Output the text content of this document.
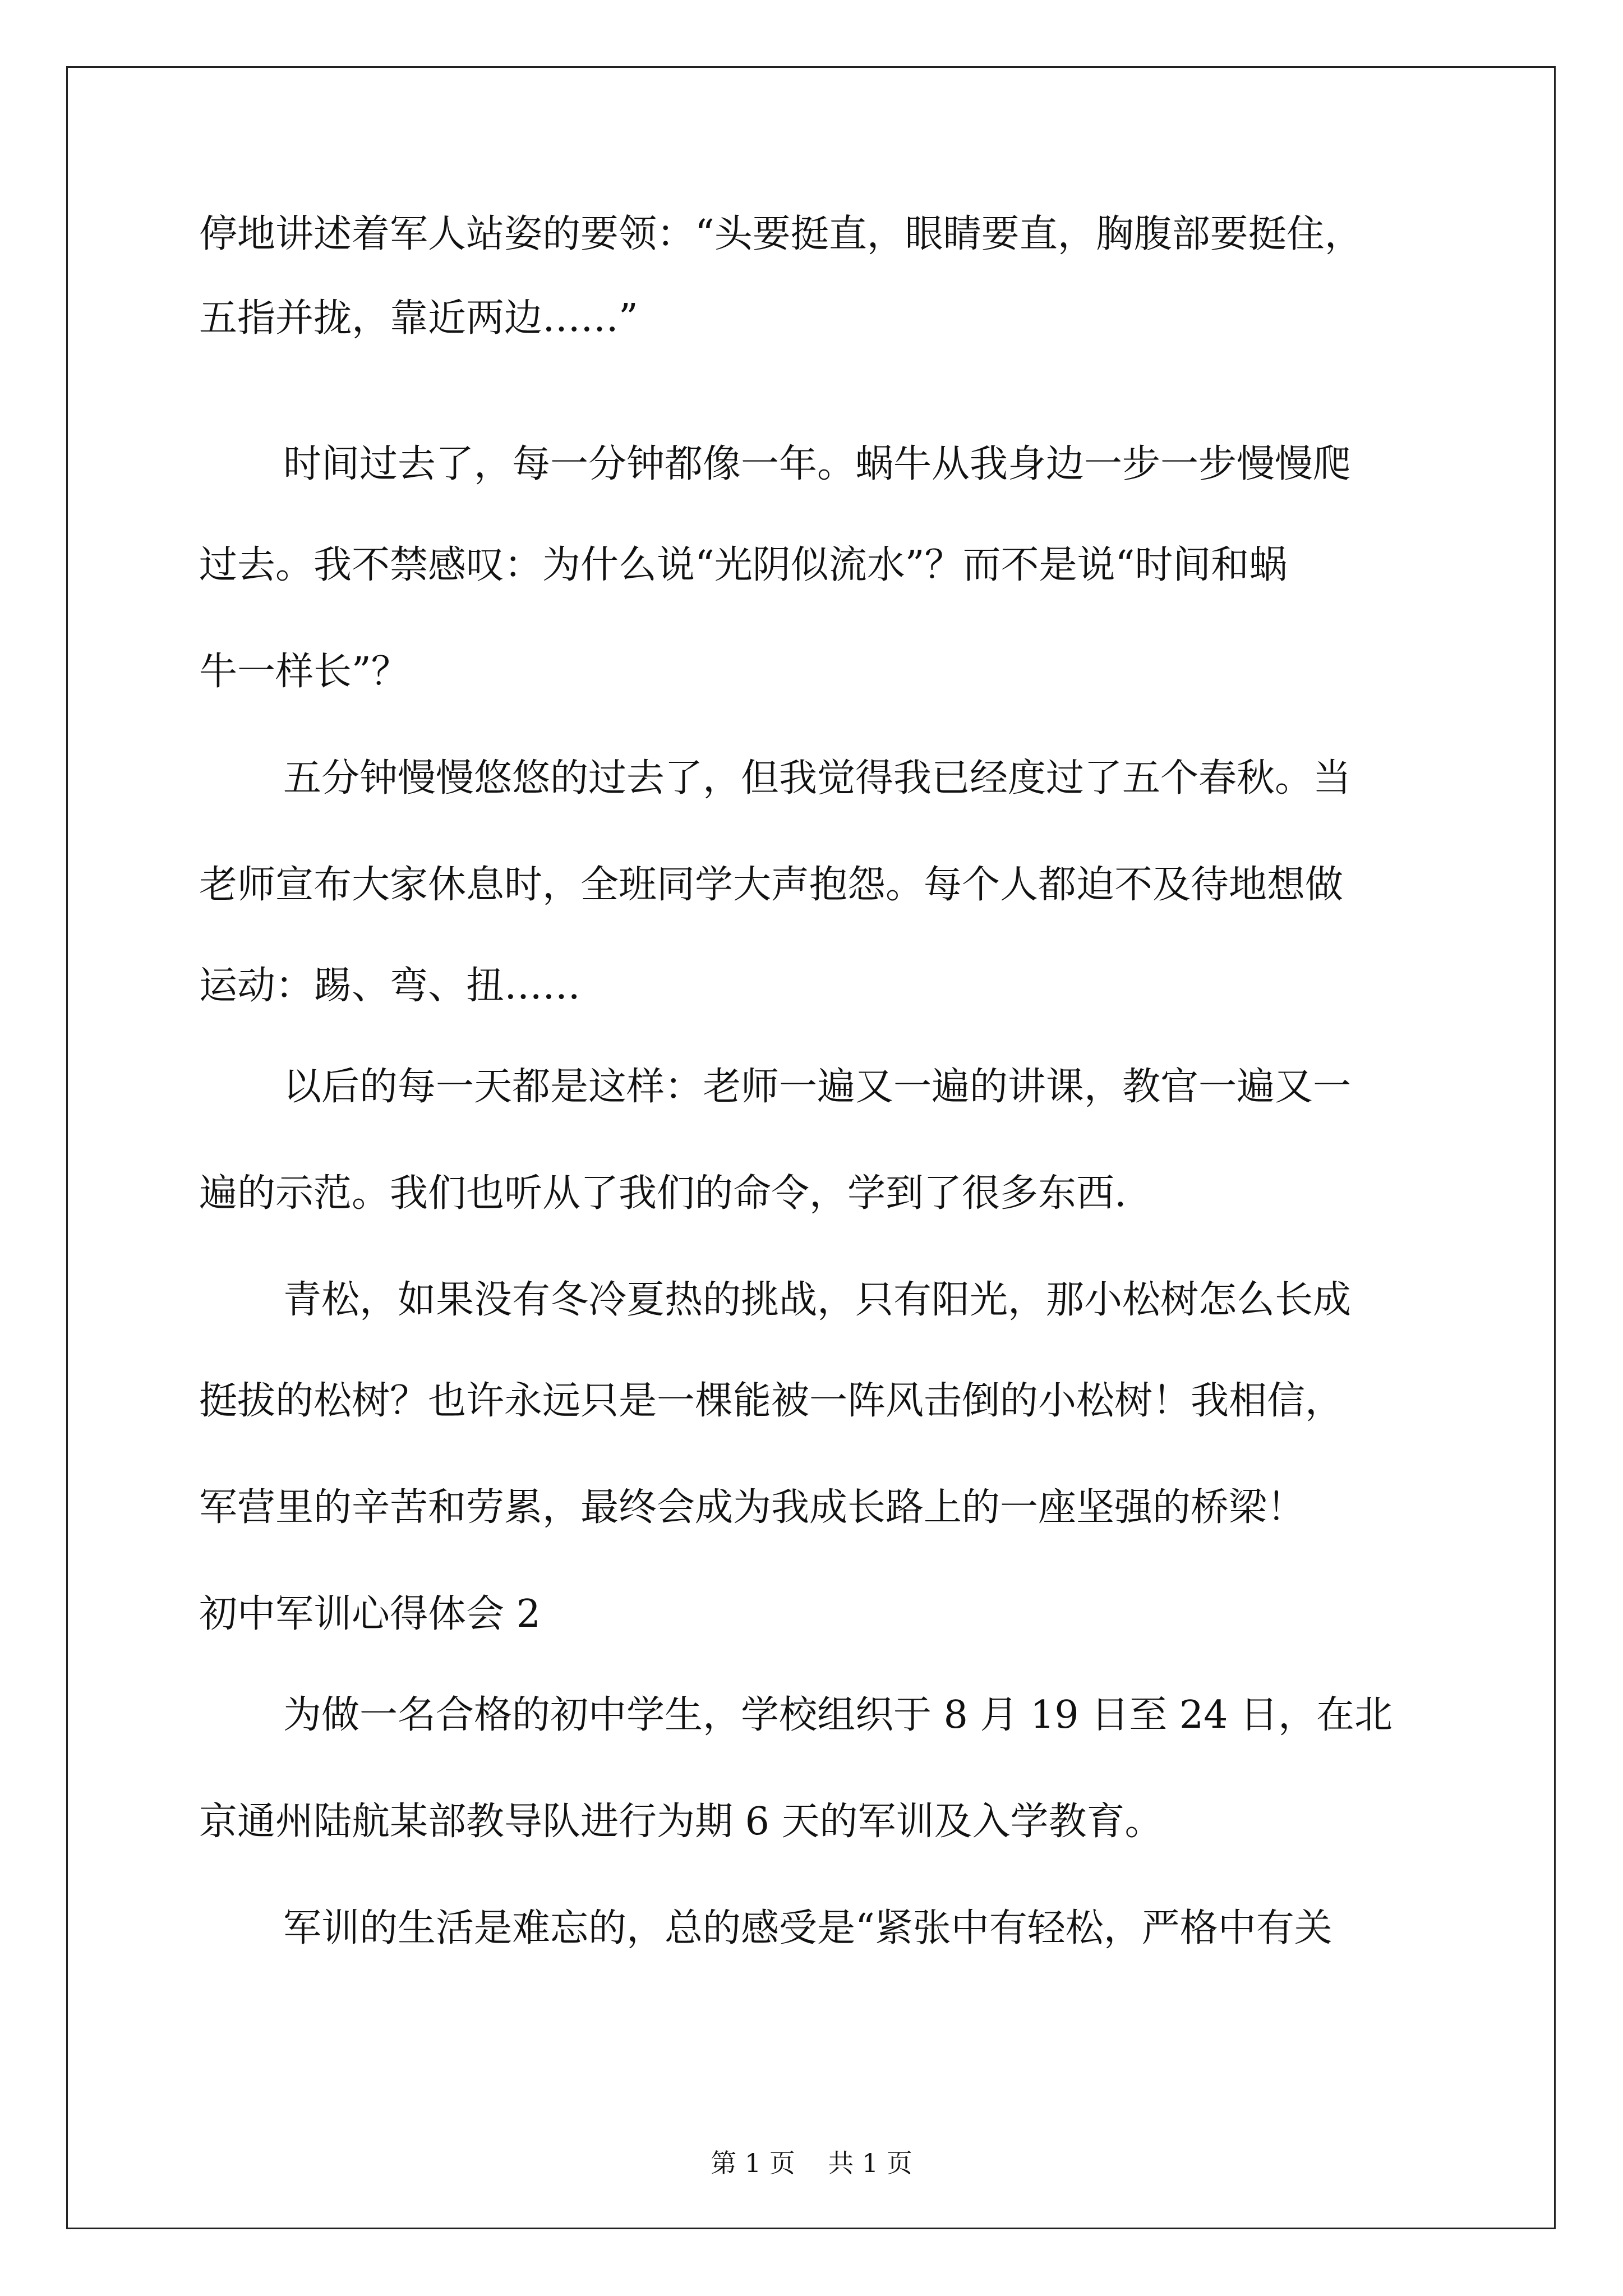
停地讲述着军人站姿的要领：“头要挺直，眼睛要直，胸腹部要挺住，
五指并拢，靠近两边……”
时间过去了，每一分钟都像一年。蜗牛从我身边一步一步慢慢爬
过去。我不禁感叹：为什么说“光阴似流水”？而不是说“时间和蜗
牛一样长”？
五分钟慢慢悠悠的过去了，但我觉得我已经度过了五个春秋。当
老师宣布大家休息时，全班同学大声抱怨。每个人都迫不及待地想做
运动：踢、弯、扭……
以后的每一天都是这样：老师一遍又一遍的讲课，教官一遍又一
遍的示范。我们也听从了我们的命令，学到了很多东西.
青松，如果没有冬冷夏热的挑战，只有阳光，那小松树怎么长成
挺拔的松树？也许永远只是一棵能被一阵风击倒的小松树！我相信，
军营里的辛苦和劳累，最终会成为我成长路上的一座坚强的桥梁！
初中军训心得体会 2
为做一名合格的初中学生，学校组织于 8 月 19 日至 24 日，在北
京通州陆航某部教导队进行为期 6 天的军训及入学教育。
军训的生活是难忘的，总的感受是“紧张中有轻松，严格中有关
第 1 页    共 1 页
